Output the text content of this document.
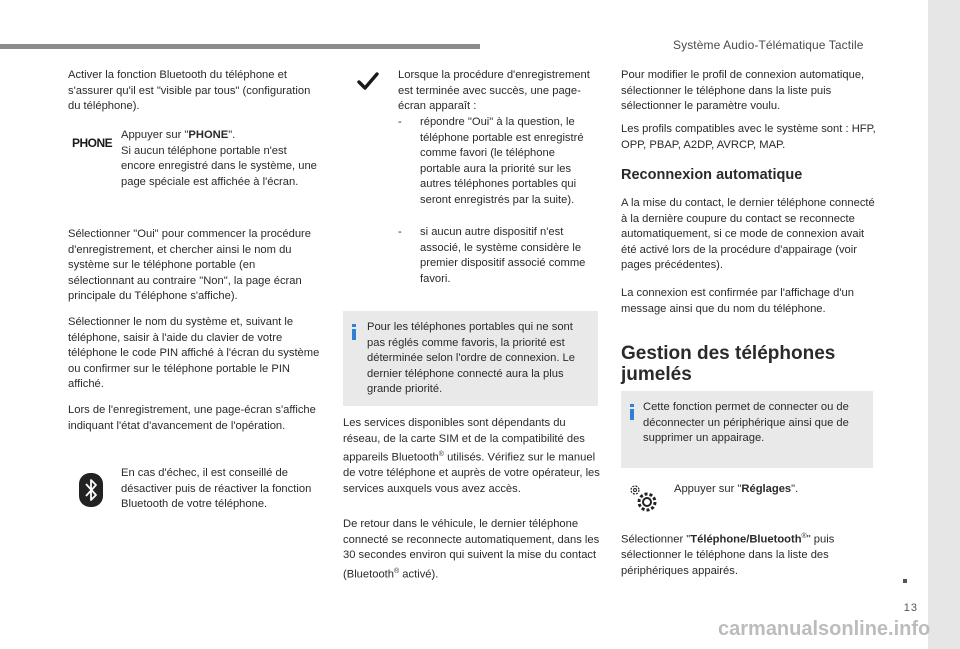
Système Audio-Télématique Tactile
13
carmanualsonline.info
Activer la fonction Bluetooth du téléphone et s'assurer qu'il est "visible par tous" (configuration du téléphone).
PHONE
Appuyer sur "PHONE".
Si aucun téléphone portable n'est encore enregistré dans le système, une page spéciale est affichée à l'écran.
Sélectionner "Oui" pour commencer la procédure d'enregistrement, et chercher ainsi le nom du système sur le téléphone portable (en sélectionnant au contraire "Non", la page écran principale du Téléphone s'affiche).
Sélectionner le nom du système et, suivant le téléphone, saisir à l'aide du clavier de votre téléphone le code PIN affiché à l'écran du système ou confirmer sur le téléphone portable le PIN affiché.
Lors de l'enregistrement, une page-écran s'affiche indiquant l'état d'avancement de l'opération.
En cas d'échec, il est conseillé de désactiver puis de réactiver la fonction Bluetooth de votre téléphone.
Lorsque la procédure d'enregistrement est terminée avec succès, une page-écran apparaît :
- répondre "Oui" à la question, le téléphone portable est enregistré comme favori (le téléphone portable aura la priorité sur les autres téléphones portables qui seront enregistrés par la suite).
- si aucun autre dispositif n'est associé, le système considère le premier dispositif associé comme favori.
Pour les téléphones portables qui ne sont pas réglés comme favoris, la priorité est déterminée selon l'ordre de connexion. Le dernier téléphone connecté aura la plus grande priorité.
Les services disponibles sont dépendants du réseau, de la carte SIM et de la compatibilité des appareils Bluetooth® utilisés. Vérifiez sur le manuel de votre téléphone et auprès de votre opérateur, les services auxquels vous avez accès.
De retour dans le véhicule, le dernier téléphone connecté se reconnecte automatiquement, dans les 30 secondes environ qui suivent la mise du contact (Bluetooth® activé).
Pour modifier le profil de connexion automatique, sélectionner le téléphone dans la liste puis sélectionner le paramètre voulu.
Les profils compatibles avec le système sont : HFP, OPP, PBAP, A2DP, AVRCP, MAP.
Reconnexion automatique
A la mise du contact, le dernier téléphone connecté à la dernière coupure du contact se reconnecte automatiquement, si ce mode de connexion avait été activé lors de la procédure d'appairage (voir pages précédentes).
La connexion est confirmée par l'affichage d'un message ainsi que du nom du téléphone.
Gestion des téléphones jumelés
Cette fonction permet de connecter ou de déconnecter un périphérique ainsi que de supprimer un appairage.
Appuyer sur "Réglages".
Sélectionner "Téléphone/Bluetooth®" puis sélectionner le téléphone dans la liste des périphériques appairés.
